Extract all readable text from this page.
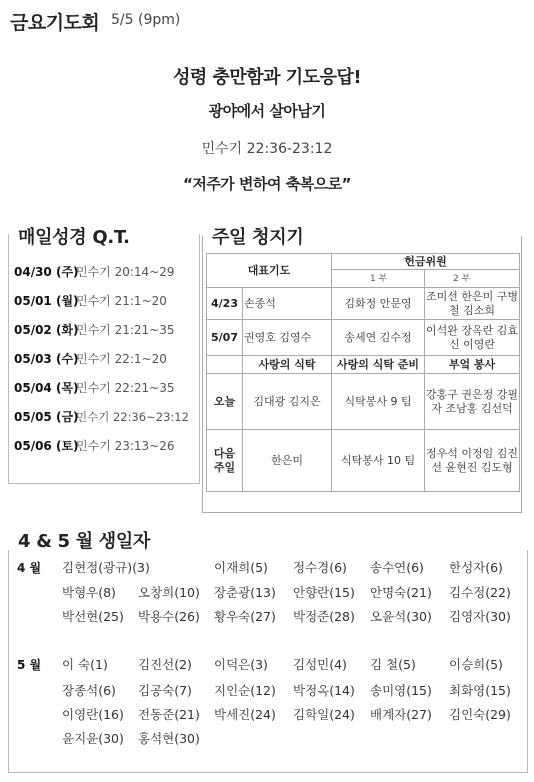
금요기도회 5/5 (9pm)
성령 충만함과 기도응답!
광야에서 살아남기
민수기 22:36-23:12
“저주가 변하여 축복으로”
매일성경 Q.T.
04/30 (주)민수기 20:14~29
05/01 (월)민수기 21:1~20
05/02 (화)민수기 21:21~35
05/03 (수)민수기 22:1~20
05/04 (목)민수기 22:21~35
05/05 (금)민수기 22:36~23:12
05/06 (토)민수기 23:13~26
주일 청지기
대표기도		헌금위원	
		1 부	2 부
4/23	손종석	김화정 안문영	조미선 한은미 구병철 김소희
5/07	권영호 김영수	송세연 김수정	이석완 장옥란 김효신 이영란
	사랑의 식탁	사랑의 식탁 준비	부엌 봉사
오늘	김대광 김지은	식탁봉사 9 팀	강홍구 권은정 강필자 조남홍 김선덕
다음 주일	한은미	식탁봉사 10 팀	정우석 이정임 김진선 윤현진 김도형
4 & 5 월 생일자
4 월
5 월
김현정(광규)(3)	이재희(5) 정수경(6) 송수연(6) 한성자(6)
박형우(8) 오창희(10) 장춘광(13) 안향란(15) 안명숙(21) 김수정(22)
박선현(25) 박용수(26) 황우숙(27) 박정준(28) 오윤석(30) 김영자(30)
이 숙(1) 김진선(2) 이덕은(3) 김성민(4) 김 철(5)	이승희(5)
장종석(6) 김공숙(7) 지인순(12) 박정옥(14) 송미영(15) 최화영(15)
이영란(16) 전동준(21) 박세진(24) 김학일(24) 배계자(27) 김인숙(29)
윤지윤(30) 홍석현(30)
